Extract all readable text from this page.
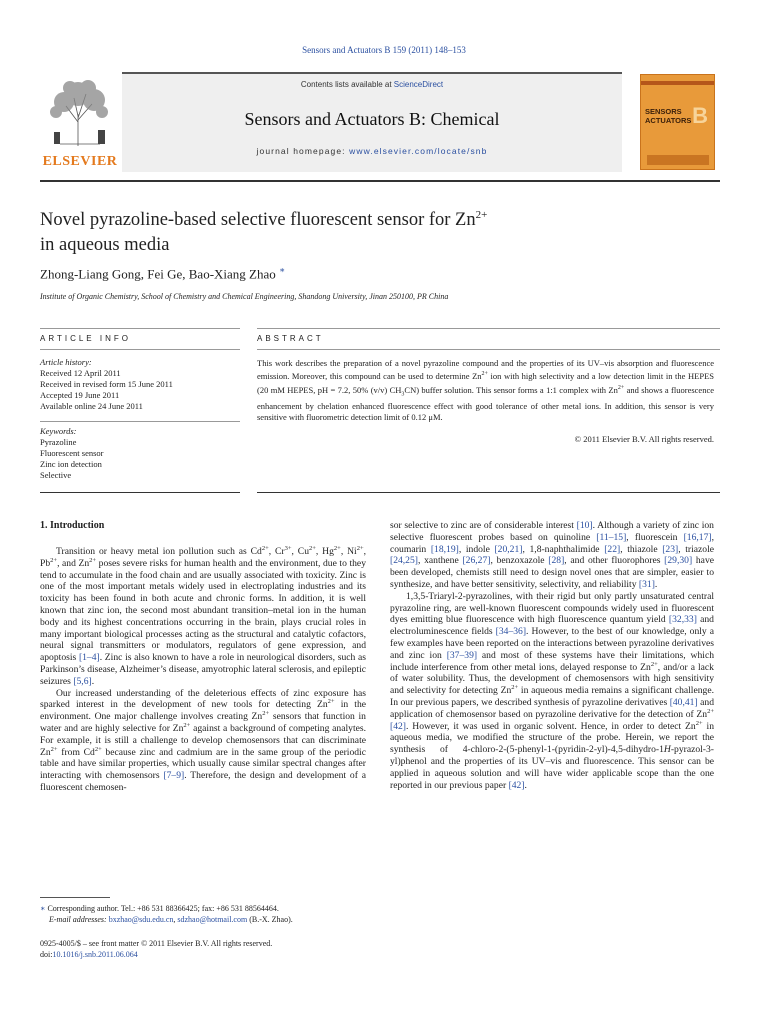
Sensors and Actuators B 159 (2011) 148–153
ELSEVIER
Contents lists available at ScienceDirect
Sensors and Actuators B: Chemical
journal homepage: www.elsevier.com/locate/snb
B
SENSORS
ACTUATORS
Novel pyrazoline-based selective fluorescent sensor for $Zn^{2+}$
in aqueous media
Zhong-Liang Gong, Fei Ge, Bao-Xiang Zhao ∗
Institute of Organic Chemistry, School of Chemistry and Chemical Engineering, Shandong University, Jinan 250100, PR China
ARTICLE INFO	ABSTRACT
Article history:
Received 12 April 2011
Received in revised form 15 June 2011
Accepted 19 June 2011
Available online 24 June 2011
Keywords:
Pyrazoline
Fluorescent sensor
Zinc ion detection
Selective
This work describes the preparation of a novel pyrazoline compound and the properties of its UV–vis absorption and fluorescence emission. Moreover, this compound can be used to determine $Zn^{2+}$ ion with high selectivity and a low detection limit in the HEPES (20 mM HEPES, pH = 7.2, 50% (v/v) $CH_3CN$) buffer solution. This sensor forms a 1:1 complex with $Zn^{2+}$ and shows a fluorescence enhancement by chelation enhanced fluorescence effect with good tolerance of other metal ions. In addition, this sensor is very sensitive with fluorometric detection limit of 0.12 μM.
© 2011 Elsevier B.V. All rights reserved.
1. Introduction

Transition or heavy metal ion pollution such as $Cd^{2+}$, $Cr^{3+}$, $Cu^{2+}$, $Hg^{2+}$, $Ni^{2+}$, $Pb^{2+}$, and $Zn^{2+}$ poses severe risks for human health and the environment, due to they tend to accumulate in the food chain and are usually associated with toxicity. Zinc is one of the most important metals widely used in electroplating industries and its toxicity has been found in both acute and chronic forms. In addition, it is well known that zinc ion, the second most abundant transition–metal ion in the human body and its highest concentrations occurring in the brain, plays crucial roles in many important biological processes acting as the structural and catalytic cofactors, neural signal transmitters or modulators, regulators of gene expression, and apoptosis [1–4]. Zinc is also known to have a role in neurological disorders, such as Parkinson’s disease, Alzheimer’s disease, amyotrophic lateral sclerosis, and epileptic seizures [5,6].

Our increased understanding of the deleterious effects of zinc exposure has sparked interest in the development of new tools for detecting $Zn^{2+}$ in the environment. One major challenge involves creating $Zn^{2+}$ sensors that function in water and are highly selective for $Zn^{2+}$ against a background of competing analytes. For example, it is still a challenge to develop chemosensors that can discriminate $Zn^{2+}$ from $Cd^{2+}$ because zinc and cadmium are in the same group of the periodic table and have similar properties, which usually cause similar spectral changes after interacting with chemosensors [7–9]. Therefore, the design and development of a fluorescent chemosen-

sor selective to zinc are of considerable interest [10]. Although a variety of zinc ion selective fluorescent probes based on quinoline [11–15], fluorescein [16,17], coumarin [18,19], indole [20,21], 1,8-naphthalimide [22], thiazole [23], triazole [24,25], xanthene [26,27], benzoxazole [28], and other fluorophores [29,30] have been developed, chemists still need to design novel ones that are simpler, easier to synthesize, and have better sensitivity, selectivity, and reliability [31].

1,3,5-Triaryl-2-pyrazolines, with their rigid but only partly unsaturated central pyrazoline ring, are well-known fluorescent compounds widely used in fluorescent dyes emitting blue fluorescence with high fluorescence quantum yield [32,33] and electroluminescence fields [34–36]. However, to the best of our knowledge, only a few examples have been reported on the interactions between pyrazoline derivatives and zinc ion [37–39] and most of these systems have their limitations, which include interference from other metal ions, delayed response to $Zn^{2+}$, and/or a lack of water solubility. Thus, the development of chemosensors with high sensitivity and selectivity for detecting $Zn^{2+}$ in aqueous media remains a significant challenge. In our previous papers, we described synthesis of pyrazoline derivatives [40,41] and application of chemosensor based on pyrazoline derivative for the detection of $Zn^{2+}$ [42]. However, it was used in organic solvent. Hence, in order to detect $Zn^{2+}$ in aqueous media, we modified the structure of the probe. Herein, we report the synthesis of 4-chloro-2-(5-phenyl-1-(pyridin-2-yl)-4,5-dihydro-1H-pyrazol-3-yl)phenol and the properties of its UV–vis and fluorescence. This sensor can be applied in aqueous solution and will have wider applicable scope than the one reported in our previous paper [42].

∗ Corresponding author. Tel.: +86 531 88366425; fax: +86 531 88564464.
E-mail addresses: bxzhao@sdu.edu.cn, sdzhao@hotmail.com (B.-X. Zhao).
0925-4005/$ – see front matter © 2011 Elsevier B.V. All rights reserved.
doi:10.1016/j.snb.2011.06.064
